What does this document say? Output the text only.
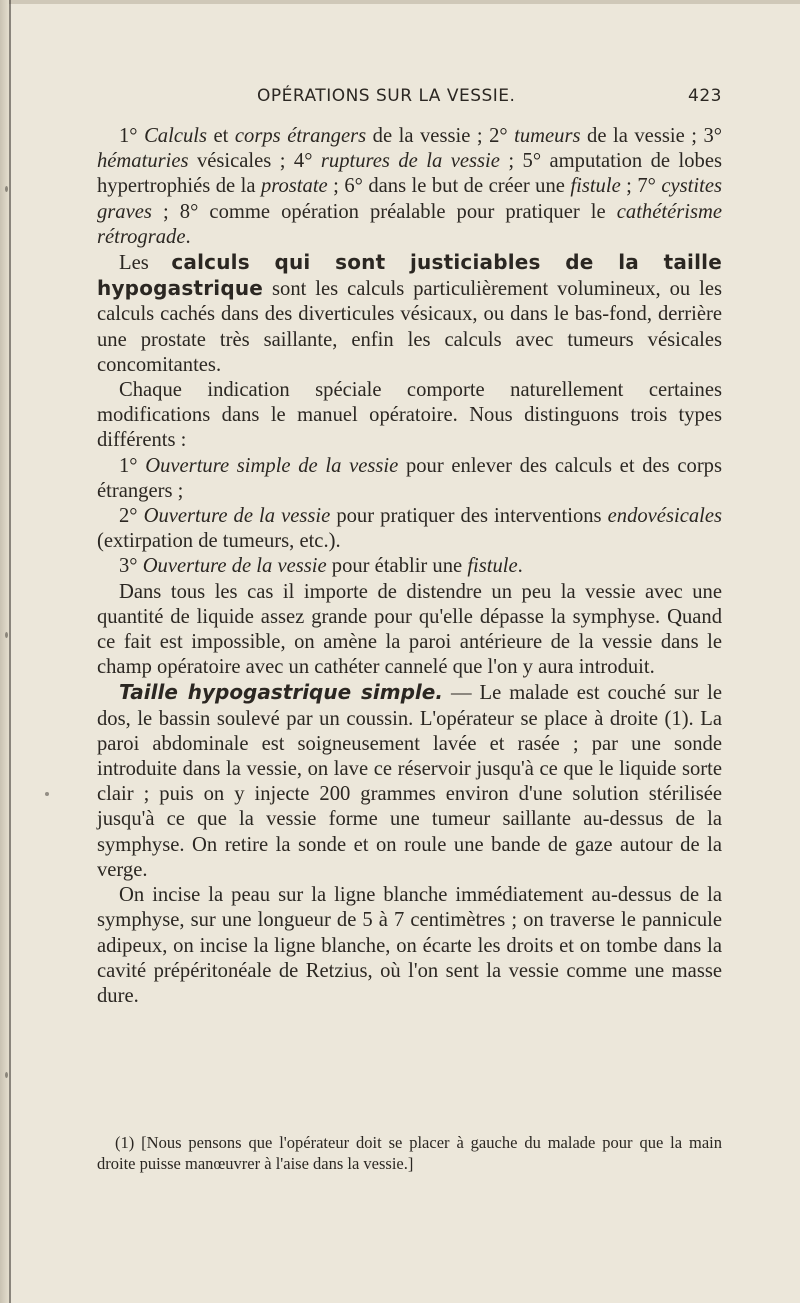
OPÉRATIONS SUR LA VESSIE.	423

1° Calculs et corps étrangers de la vessie ; 2° tumeurs de la vessie ; 3° hématuries vésicales ; 4° ruptures de la vessie ; 5° amputation de lobes hypertrophiés de la prostate ; 6° dans le but de créer une fistule ; 7° cystites graves ; 8° comme opération préalable pour pratiquer le cathétérisme rétrograde.

Les calculs qui sont justiciables de la taille hypogastrique sont les calculs particulièrement volumineux, ou les calculs cachés dans des diverticules vésicaux, ou dans le bas-fond, derrière une prostate très saillante, enfin les calculs avec tumeurs vésicales concomitantes.

Chaque indication spéciale comporte naturellement certaines modifications dans le manuel opératoire. Nous distinguons trois types différents :

1° Ouverture simple de la vessie pour enlever des calculs et des corps étrangers ;

2° Ouverture de la vessie pour pratiquer des interventions endovésicales (extirpation de tumeurs, etc.).

3° Ouverture de la vessie pour établir une fistule.

Dans tous les cas il importe de distendre un peu la vessie avec une quantité de liquide assez grande pour qu'elle dépasse la symphyse. Quand ce fait est impossible, on amène la paroi antérieure de la vessie dans le champ opératoire avec un cathéter cannelé que l'on y aura introduit.

Taille hypogastrique simple. — Le malade est couché sur le dos, le bassin soulevé par un coussin. L'opérateur se place à droite (1). La paroi abdominale est soigneusement lavée et rasée ; par une sonde introduite dans la vessie, on lave ce réservoir jusqu'à ce que le liquide sorte clair ; puis on y injecte 200 grammes environ d'une solution stérilisée jusqu'à ce que la vessie forme une tumeur saillante au-dessus de la symphyse. On retire la sonde et on roule une bande de gaze autour de la verge.

On incise la peau sur la ligne blanche immédiatement au-dessus de la symphyse, sur une longueur de 5 à 7 centimètres ; on traverse le pannicule adipeux, on incise la ligne blanche, on écarte les droits et on tombe dans la cavité prépéritonéale de Retzius, où l'on sent la vessie comme une masse dure.

(1) [Nous pensons que l'opérateur doit se placer à gauche du malade pour que la main droite puisse manœuvrer à l'aise dans la vessie.]
